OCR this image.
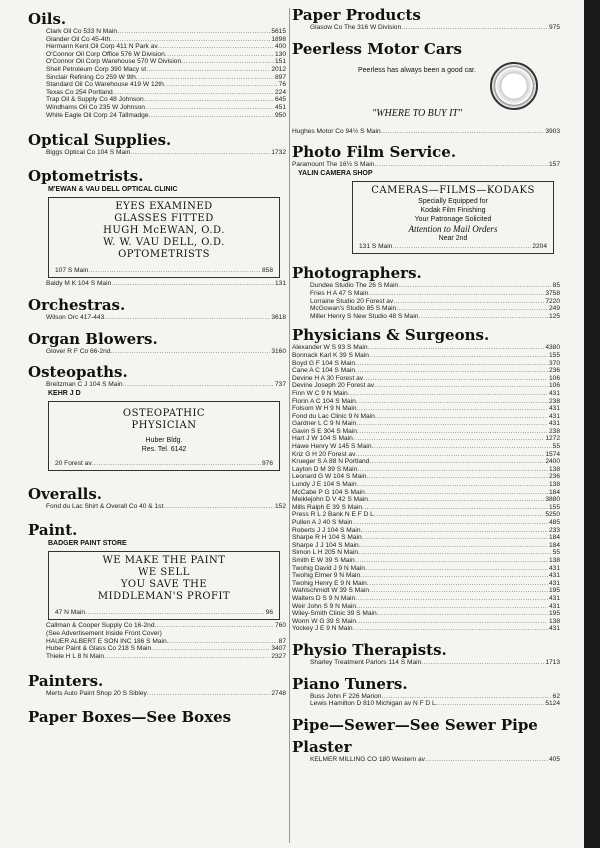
Oils.
Clark Oil Co 533 N Main .....	5615
Glander Oil Co 45-4th .....	1898
Hermann Kent Oil Corp 411 N Park av .....	400
O'Connor Oil Corp Office 576 W Division .....	130
O'Connor Oil Corp Warehouse 570 W Division .....	151
Shell Petroleum Corp 390 Macy st .....	2012
Sinclair Refining Co 259 W 9th .....	897
Standard Oil Co Warehouse 419 W 12th .....	76
Texas Co 254 Portland .....	224
Trap Oil & Supply Co 48 Johnson .....	645
Windhams Oil Co 235 W Johnson .....	451
White Eagle Oil Corp 24 Tallmadge .....	950
Optical Supplies.
Biggs Optical Co 104 S Main .....	1732
Optometrists.
M'EWAN & VAU DELL OPTICAL CLINIC
EYES EXAMINED
GLASSES FITTED
HUGH McEWAN, O.D.
W. W. VAU DELL, O.D.
OPTOMETRISTS
107 S Main .....	858
Baldy M K 104 S Main .....	131
Orchestras.
Wilson Orc 417-443 .....	3618
Organ Blowers.
Glover R F Co 66-2nd .....	3160
Osteopaths.
Breitzman C J 104 S Main .....	737
KEHR J D
OSTEOPATHIC
PHYSICIAN
Huber Bldg.
Res. Tel. 6142
20 Forest av .....	976
Overalls.
Fond du Lac Shirt & Overall Co 40 & 1st .....	152
Paint.
BADGER PAINT STORE
WE MAKE THE PAINT
WE SELL
YOU SAVE THE
MIDDLEMAN'S PROFIT
47 N Main .....	96
Callman & Cooper Supply Co 16-2nd .....	760
(See Advertisement Inside Front Cover)
HAUER ALBERT E SON INC 186 S Main .....	87
Huber Paint & Glass Co 218 S Main .....	3407
Thiele H L 8 N Main .....	2327
Painters.
Merts Auto Paint Shop 20 S Sibley .....	2748
Paper Boxes—See Boxes
Paper Products
Glasow Co The 316 W Division .....	975
Peerless Motor Cars
Peerless has always been a good car.
"WHERE TO BUY IT"
Hughes Motor Co 94½ S Main .....	3903
Photo Film Service.
Paramount The 16½ S Main .....	157
YALIN CAMERA SHOP
CAMERAS—FILMS—KODAKS
Specially Equipped for
Kodak Film Finishing
Your Patronage Solicited
Attention to Mail Orders
Near 2nd
131 S Main .....	2204
Photographers.
Dundee Studio The 26 S Main .....	85
Fries H A 47 S Main .....	3758
Lorraine Studio 20 Forest av .....	7220
McGowan's Studio 85 S Main .....	249
Miller Henry S New Studio 48 S Main .....	125
Physicians & Surgeons.
Alexander W S 93 S Main .....	4380
Bonnack Karl K 39 S Main .....	155
Boyd G F 104 S Main .....	370
Cane A C 104 S Main .....	236
Devine H A 30 Forest av .....	106
Devine Joseph 20 Forest av .....	106
Finn W C 9 N Main .....	431
Florin A C 104 S Main .....	238
Folsom W H 9 N Main .....	431
Fond du Lac Clinic 9 N Main .....	431
Gardner L C 9 N Main .....	431
Gavin S E 304 S Main .....	238
Hart J W 104 S Main .....	1272
Hawe Henry W 145 S Main .....	55
Kriz G H 20 Forest av .....	1574
Krueger S A 88 N Portland .....	2400
Layton D M 39 S Main .....	138
Leonard G W 104 S Main .....	236
Lundy J E 104 S Main .....	138
McCabe P G 104 S Main .....	184
Meiklejohn D V 42 S Main .....	3880
Mills Ralph E 39 S Main .....	155
Press R L 2 Bank N E F D L .....	5250
Pullen A J 40 S Main .....	485
Roberts J J 104 S Main .....	233
Sharpe R H 104 S Main .....	184
Sharpe J J 104 S Main .....	184
Simon L H 205 N Main .....	55
Smith E W 39 S Main .....	138
Twohig David J 9 N Main .....	431
Twohig Elmer 9 N Main .....	431
Twohig Henry E 9 N Main .....	431
Wahlschmidt W 39 S Main .....	195
Walters D S 9 N Main .....	431
Weir John S 9 N Main .....	431
Wiley-Smith Clinic 39 S Main .....	195
Worm W G 39 S Main .....	138
Yockey J E 9 N Main .....	431
Physio Therapists.
Sharley Treatment Parlors 114 S Main .....	1713
Piano Tuners.
Buss John F 226 Marion .....	62
Lewis Hamilton D 810 Michigan av N F D L .....	5124
Pipe—Sewer—See Sewer Pipe
Plaster
KELMER MILLING CO 180 Western av .....	405
